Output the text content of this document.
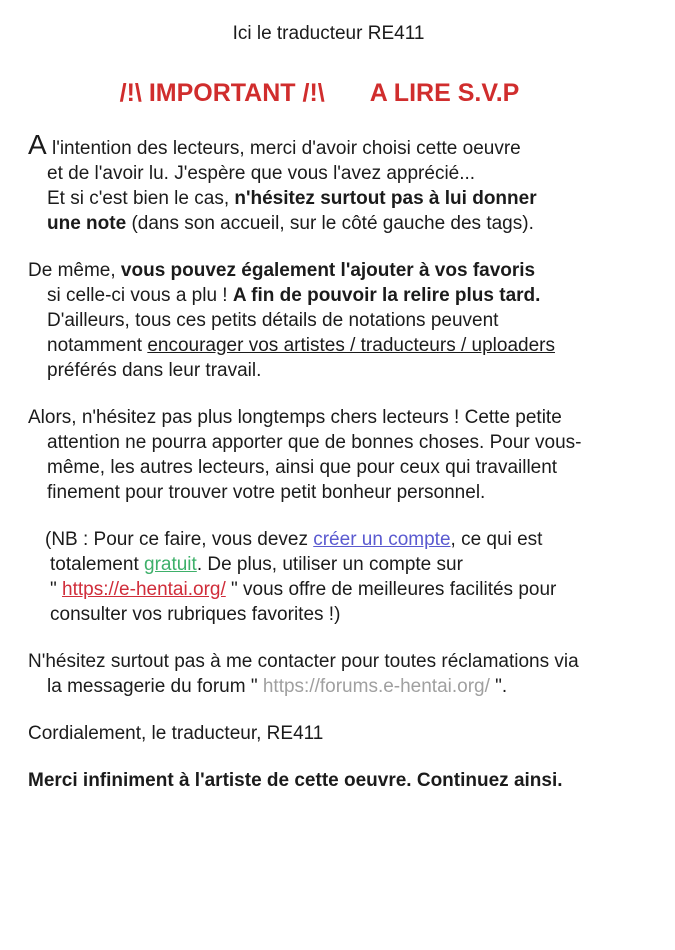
Ici le traducteur RE411
/!\ IMPORTANT /!\ A LIRE S.V.P
A l'intention des lecteurs, merci d'avoir choisi cette oeuvre
et de l'avoir lu. J'espère que vous l'avez apprécié...
Et si c'est bien le cas, n'hésitez surtout pas à lui donner
une note (dans son accueil, sur le côté gauche des tags).
De même, vous pouvez également l'ajouter à vos favoris
si celle-ci vous a plu ! A fin de pouvoir la relire plus tard.
D'ailleurs, tous ces petits détails de notations peuvent
notamment encourager vos artistes / traducteurs / uploaders
préférés dans leur travail.
Alors, n'hésitez pas plus longtemps chers lecteurs ! Cette petite
attention ne pourra apporter que de bonnes choses. Pour vous-
même, les autres lecteurs, ainsi que pour ceux qui travaillent
finement pour trouver votre petit bonheur personnel.
(NB : Pour ce faire, vous devez créer un compte, ce qui est
totalement gratuit. De plus, utiliser un compte sur
" https://e-hentai.org/ " vous offre de meilleures facilités pour
consulter vos rubriques favorites !)
N'hésitez surtout pas à me contacter pour toutes réclamations via
la messagerie du forum " https://forums.e-hentai.org/ ".
Cordialement, le traducteur, RE411
Merci infiniment à l'artiste de cette oeuvre. Continuez ainsi.
